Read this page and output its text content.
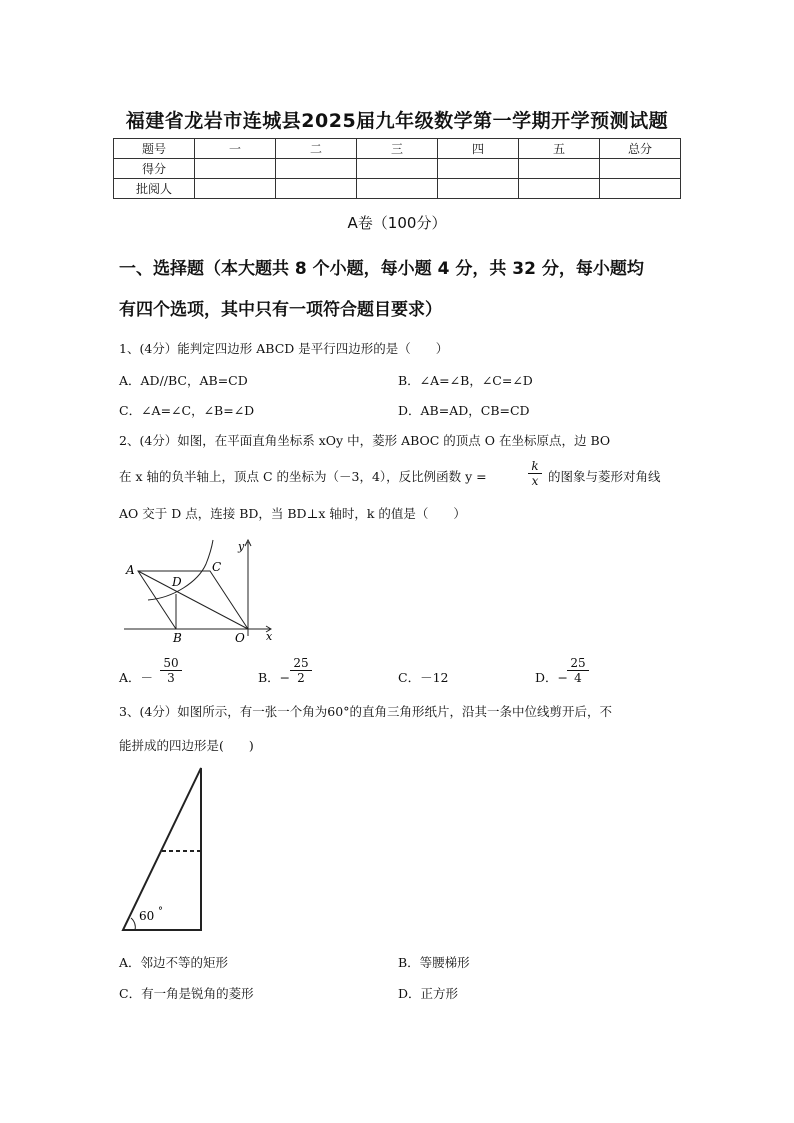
福建省龙岩市连城县2025届九年级数学第一学期开学预测试题
题号	一	二	三	四	五	总分
得分						
批阅人						
A卷（100分）
一、选择题（本大题共 8 个小题，每小题 4 分，共 32 分，每小题均
有四个选项，其中只有一项符合题目要求）
1、(4分）能判定四边形 ABCD 是平行四边形的是（　　）
A．AD//BC，AB=CD	B．∠A=∠B，∠C=∠D
C．∠A=∠C，∠B=∠D	D．AB=AD，CB=CD
2、(4分）如图，在平面直角坐标系 xOy 中，菱形 ABOC 的顶点 O 在坐标原点，边 BO
在 x 轴的负半轴上，顶点 C 的坐标为（－3，4），反比例函数 y =	$\frac{k}{x}$ 的图象与菱形对角线
AO 交于 D 点，连接 BD，当 BD⊥x 轴时，k 的值是（　　）
A
D
C
B	O x
y
A．－ $\frac{50}{3}$	B．− $\frac{25}{2}$	C．－12	D．− $\frac{25}{4}$
3、(4分）如图所示，有一张一个角为60°的直角三角形纸片，沿其一条中位线剪开后，不
能拼成的四边形是(　　)
60 °
A．邻边不等的矩形	B．等腰梯形
C．有一角是锐角的菱形	D．正方形
